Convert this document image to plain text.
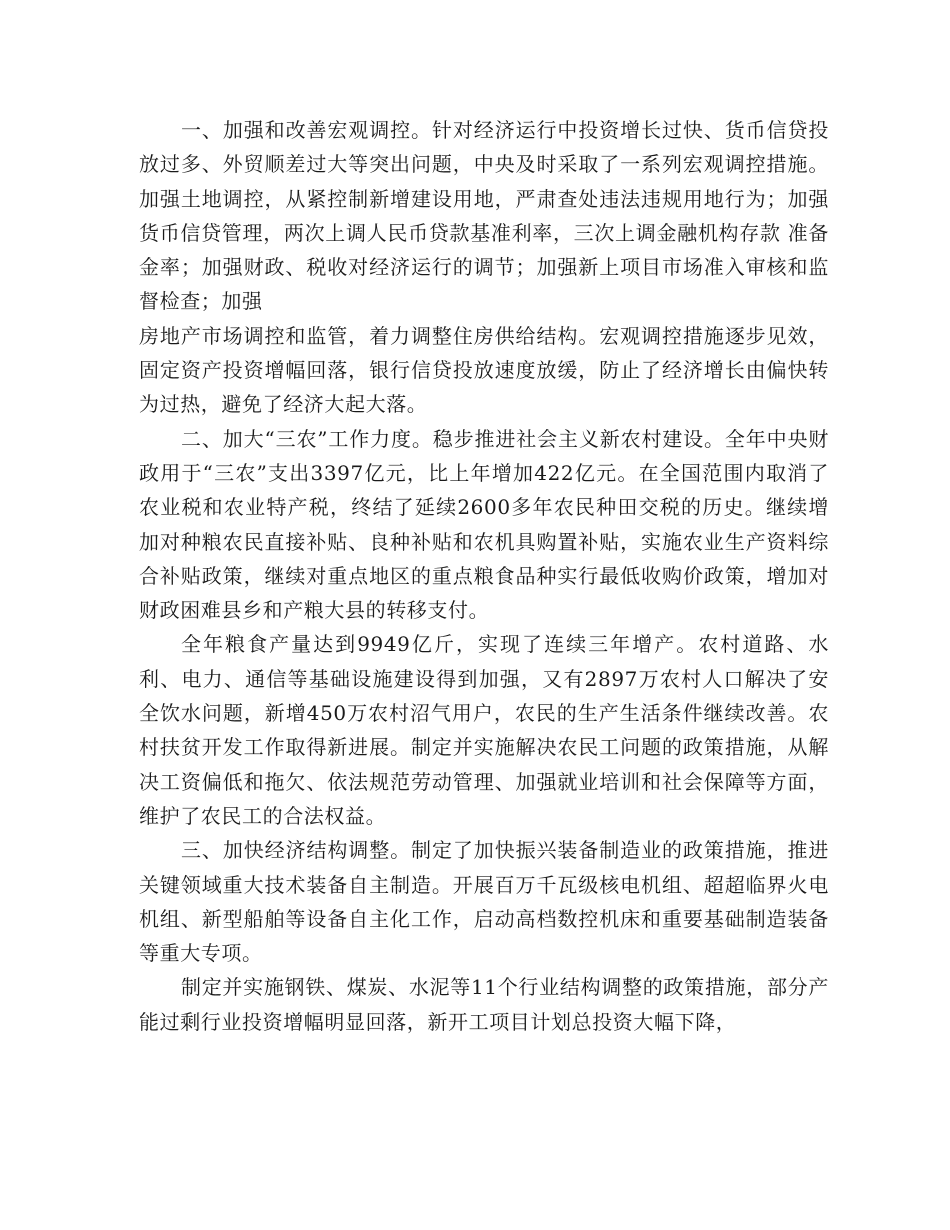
一、加强和改善宏观调控。针对经济运行中投资增长过快、货币信贷投放过多、外贸顺差过大等突出问题，中央及时采取了一系列宏观调控措施。加强土地调控，从紧控制新增建设用地，严肃查处违法违规用地行为；加强货币信贷管理，两次上调人民币贷款基准利率，三次上调金融机构存款 准备金率；加强财政、税收对经济运行的调节；加强新上项目市场准入审核和监督检查；加强

房地产市场调控和监管，着力调整住房供给结构。宏观调控措施逐步见效，固定资产投资增幅回落，银行信贷投放速度放缓，防止了经济增长由偏快转为过热，避免了经济大起大落。

二、加大“三农”工作力度。稳步推进社会主义新农村建设。全年中央财政用于“三农”支出3397亿元，比上年增加422亿元。在全国范围内取消了农业税和农业特产税，终结了延续2600多年农民种田交税的历史。继续增加对种粮农民直接补贴、良种补贴和农机具购置补贴，实施农业生产资料综合补贴政策，继续对重点地区的重点粮食品种实行最低收购价政策，增加对财政困难县乡和产粮大县的转移支付。

全年粮食产量达到9949亿斤，实现了连续三年增产。农村道路、水利、电力、通信等基础设施建设得到加强，又有2897万农村人口解决了安全饮水问题，新增450万农村沼气用户，农民的生产生活条件继续改善。农村扶贫开发工作取得新进展。制定并实施解决农民工问题的政策措施，从解决工资偏低和拖欠、依法规范劳动管理、加强就业培训和社会保障等方面，维护了农民工的合法权益。

三、加快经济结构调整。制定了加快振兴装备制造业的政策措施，推进关键领域重大技术装备自主制造。开展百万千瓦级核电机组、超超临界火电机组、新型船舶等设备自主化工作，启动高档数控机床和重要基础制造装备等重大专项。

制定并实施钢铁、煤炭、水泥等11个行业结构调整的政策措施，部分产能过剩行业投资增幅明显回落，新开工项目计划总投资大幅下降，
